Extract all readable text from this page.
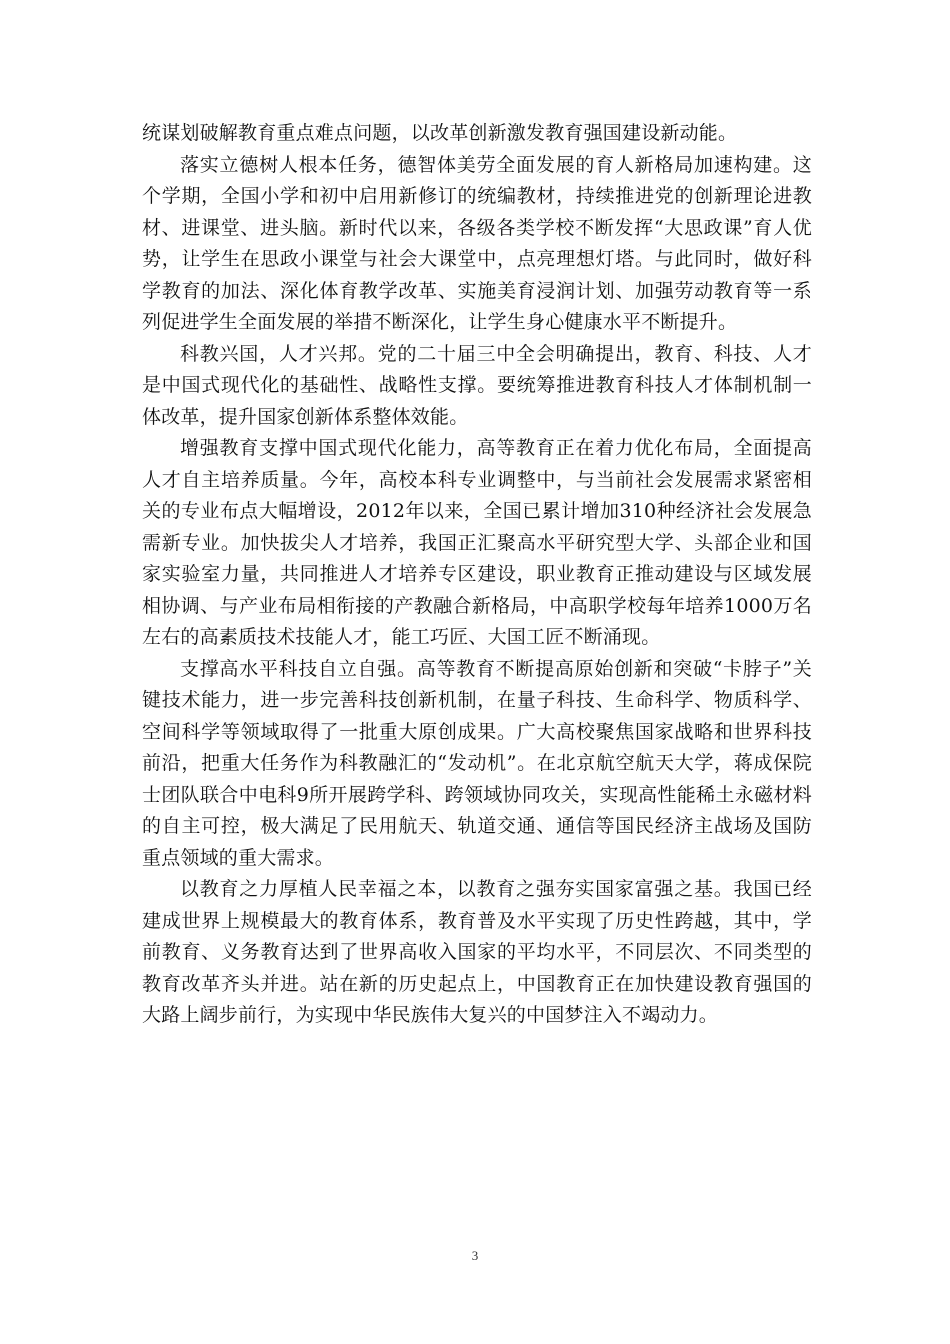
统谋划破解教育重点难点问题，以改革创新激发教育强国建设新动能。

落实立德树人根本任务，德智体美劳全面发展的育人新格局加速构建。这个学期，全国小学和初中启用新修订的统编教材，持续推进党的创新理论进教材、进课堂、进头脑。新时代以来，各级各类学校不断发挥“大思政课”育人优势，让学生在思政小课堂与社会大课堂中，点亮理想灯塔。与此同时，做好科学教育的加法、深化体育教学改革、实施美育浸润计划、加强劳动教育等一系列促进学生全面发展的举措不断深化，让学生身心健康水平不断提升。

科教兴国，人才兴邦。党的二十届三中全会明确提出，教育、科技、人才是中国式现代化的基础性、战略性支撑。要统筹推进教育科技人才体制机制一体改革，提升国家创新体系整体效能。

增强教育支撑中国式现代化能力，高等教育正在着力优化布局，全面提高人才自主培养质量。今年，高校本科专业调整中，与当前社会发展需求紧密相关的专业布点大幅增设，2012年以来，全国已累计增加310种经济社会发展急需新专业。加快拔尖人才培养，我国正汇聚高水平研究型大学、头部企业和国家实验室力量，共同推进人才培养专区建设，职业教育正推动建设与区域发展相协调、与产业布局相衔接的产教融合新格局，中高职学校每年培养1000万名左右的高素质技术技能人才，能工巧匠、大国工匠不断涌现。

支撑高水平科技自立自强。高等教育不断提高原始创新和突破“卡脖子”关键技术能力，进一步完善科技创新机制，在量子科技、生命科学、物质科学、空间科学等领域取得了一批重大原创成果。广大高校聚焦国家战略和世界科技前沿，把重大任务作为科教融汇的“发动机”。在北京航空航天大学，蒋成保院士团队联合中电科9所开展跨学科、跨领域协同攻关，实现高性能稀土永磁材料的自主可控，极大满足了民用航天、轨道交通、通信等国民经济主战场及国防重点领域的重大需求。

以教育之力厚植人民幸福之本，以教育之强夯实国家富强之基。我国已经建成世界上规模最大的教育体系，教育普及水平实现了历史性跨越，其中，学前教育、义务教育达到了世界高收入国家的平均水平，不同层次、不同类型的教育改革齐头并进。站在新的历史起点上，中国教育正在加快建设教育强国的大路上阔步前行，为实现中华民族伟大复兴的中国梦注入不竭动力。

3
